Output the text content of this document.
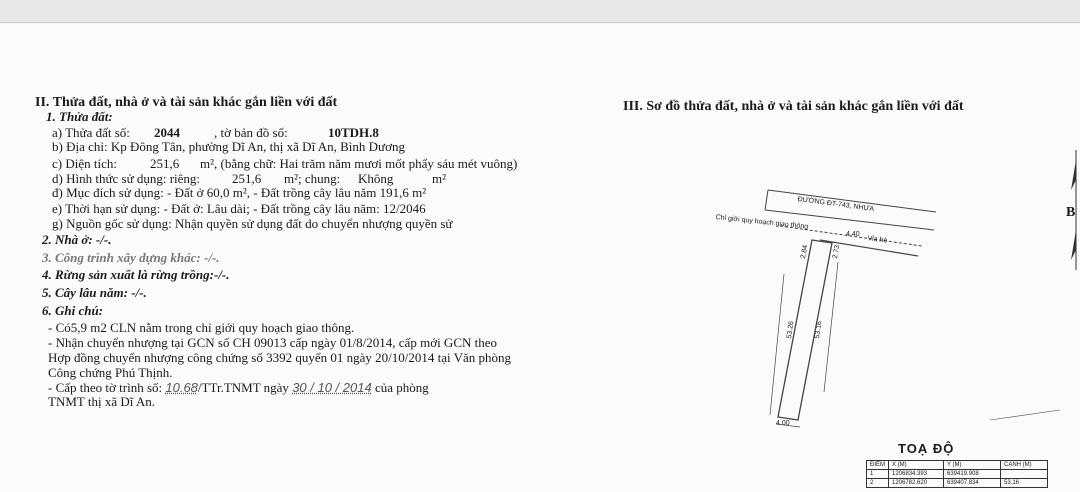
II. Thửa đất, nhà ở và tài sản khác gắn liền với đất
1. Thửa đất:
a) Thửa đất số: 2044	, tờ bản đồ số:	10TDH.8
b) Địa chỉ: Kp Đông Tân, phường Dĩ An, thị xã Dĩ An, Bình Dương
c) Diện tích:	251,6 m², (bằng chữ: Hai trăm năm mươi mốt phẩy sáu mét vuông)
d) Hình thức sử dụng: riêng: 251,6 m²; chung: Không	m²
đ) Mục đích sử dụng: - Đất ở 60,0 m², - Đất trồng cây lâu năm 191,6 m²
e) Thời hạn sử dụng: - Đất ở: Lâu dài; - Đất trồng cây lâu năm: 12/2046
g) Nguồn gốc sử dụng: Nhận quyền sử dụng đất do chuyển nhượng quyền sử
2. Nhà ở: -/-.
3. Công trình xây dựng khác: -/-.
4. Rừng sản xuất là rừng trồng:-/-.
5. Cây lâu năm: -/-.
6. Ghi chú:
- Có5,9 m2 CLN nằm trong chỉ giới quy hoạch giao thông.
- Nhận chuyển nhượng tại GCN số CH 09013 cấp ngày 01/8/2014, cấp mới GCN theo
Hợp đồng chuyển nhượng công chứng số 3392 quyển 01 ngày 20/10/2014 tại Văn phòng
Công chứng Phú Thịnh.
- Cấp theo tờ trình số: 10.68/TTr.TNMT ngày 30 / 10 / 2014 của phòng
TNMT thị xã Dĩ An.
III. Sơ đồ thửa đất, nhà ở và tài sản khác gắn liền với đất
ĐƯỜNG ĐT-743, NHỰA
Chỉ giới quy hoạch giao thông
Vỉa hè
4.40
2.84	2.73
53.26	53.16
4.00
B
TOẠ ĐỘ
ĐIỂM	X (M)	Y (M)	CẠNH (M)
1	1206834.393	639419.908	
2	1206782.620	639407.834	53.16
